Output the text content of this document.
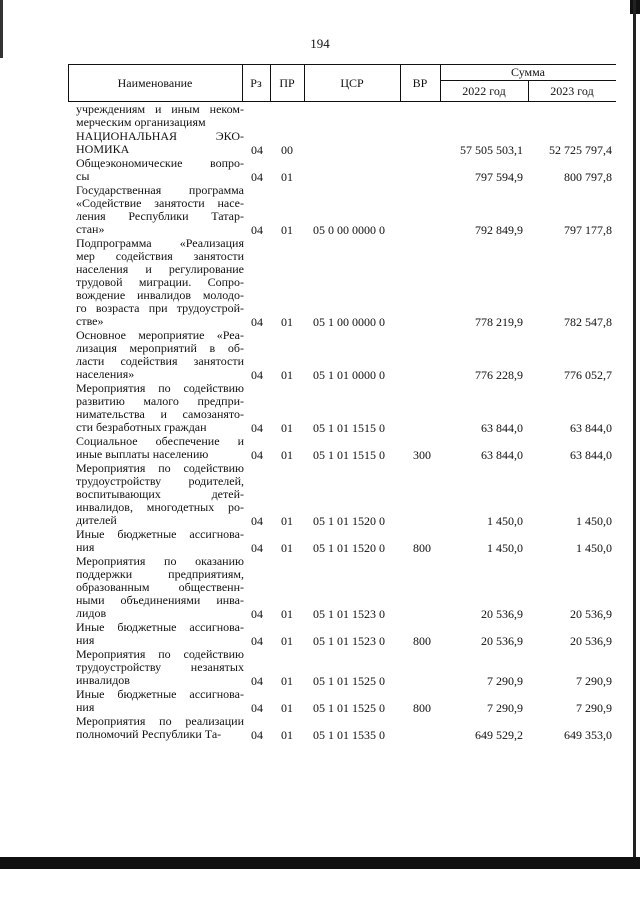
194
Наименование	Рз	ПР	ЦСР	ВР
Сумма
2022 год	2023 год
учреждениям и иным неком-
мерческим организациям
НАЦИОНАЛЬНАЯ ЭКО-
НОМИКА	04	00	57 505 503,1	52 725 797,4
Общеэкономические вопро-
сы	04	01	797 594,9	800 797,8
Государственная программа
«Содействие занятости насе-
ления Республики Татар-
стан»	04	01	05 0 00 0000 0	792 849,9	797 177,8
Подпрограмма «Реализация
мер содействия занятости
населения и регулирование
трудовой миграции. Сопро-
вождение инвалидов молодо-
го возраста при трудоустрой-
стве»	04	01	05 1 00 0000 0	778 219,9	782 547,8
Основное мероприятие «Реа-
лизация мероприятий в об-
ласти содействия занятости
населения»	04	01	05 1 01 0000 0	776 228,9	776 052,7
Мероприятия по содействию
развитию малого предпри-
нимательства и самозанято-
сти безработных граждан	04	01	05 1 01 1515 0	63 844,0	63 844,0
Социальное обеспечение и
иные выплаты населению	04	01	05 1 01 1515 0	300	63 844,0	63 844,0
Мероприятия по содействию
трудоустройству родителей,
воспитывающих детей-
инвалидов, многодетных ро-
дителей	04	01	05 1 01 1520 0	1 450,0	1 450,0
Иные бюджетные ассигнова-
ния	04	01	05 1 01 1520 0	800	1 450,0	1 450,0
Мероприятия по оказанию
поддержки предприятиям,
образованным общественн-
ными объединениями инва-
лидов	04	01	05 1 01 1523 0	20 536,9	20 536,9
Иные бюджетные ассигнова-
ния	04	01	05 1 01 1523 0	800	20 536,9	20 536,9
Мероприятия по содействию
трудоустройству незанятых
инвалидов	04	01	05 1 01 1525 0	7 290,9	7 290,9
Иные бюджетные ассигнова-
ния	04	01	05 1 01 1525 0	800	7 290,9	7 290,9
Мероприятия по реализации
полномочий Республики Та-	04	01	05 1 01 1535 0	649 529,2	649 353,0
